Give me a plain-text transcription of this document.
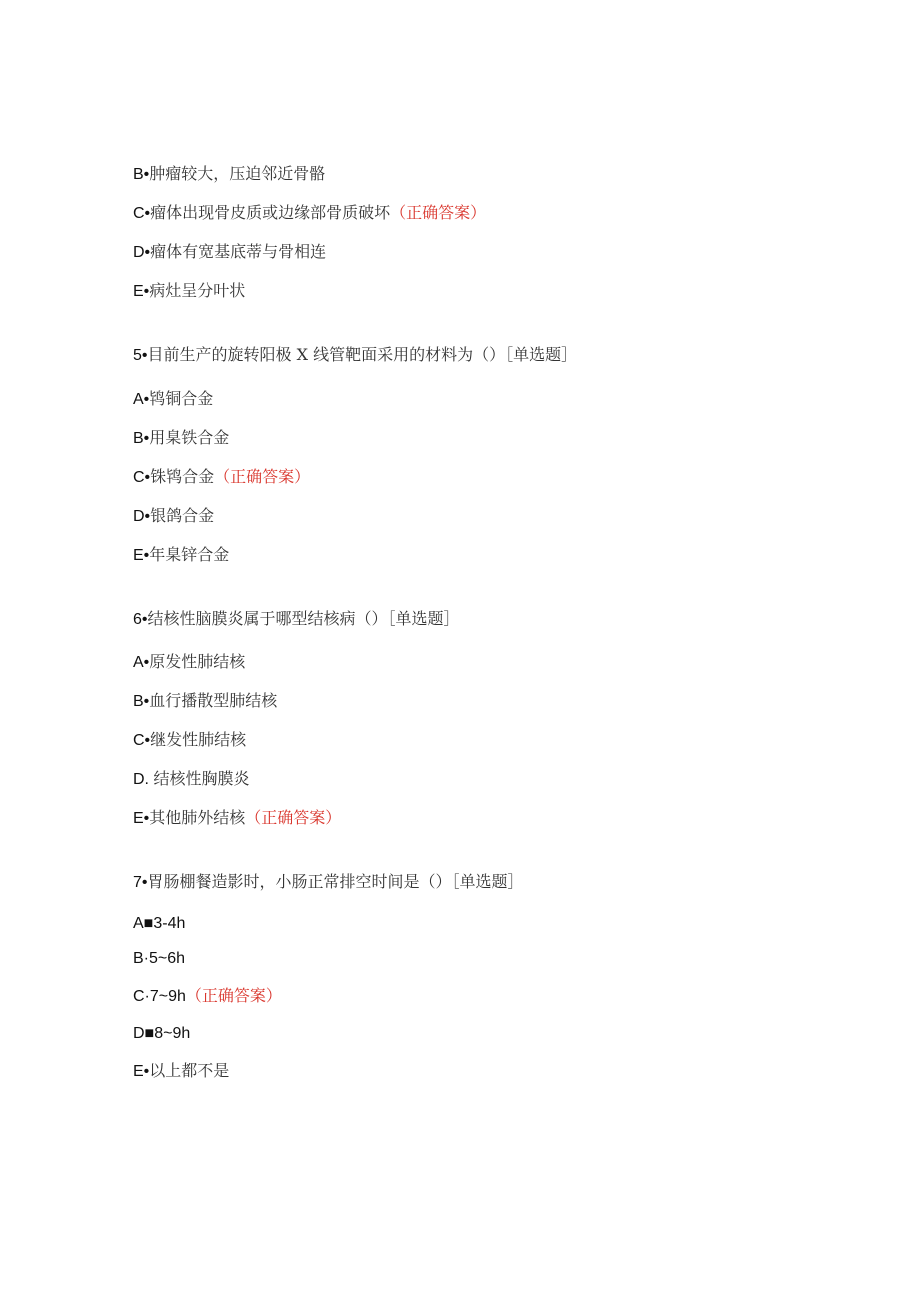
B•肿瘤较大，压迫邻近骨骼
C•瘤体出现骨皮质或边缘部骨质破坏（正确答案）
D•瘤体有宽基底蒂与骨相连
E•病灶呈分叶状
5•目前生产的旋转阳极 X 线管靶面采用的材料为（）［单选题］
A•鸨铜合金
B•用臬铁合金
C•铢鸨合金（正确答案）
D•银鸽合金
E•年臬锌合金
6•结核性脑膜炎属于哪型结核病（）［单选题］
A•原发性肺结核
B•血行播散型肺结核
C•继发性肺结核
D. 结核性胸膜炎
E•其他肺外结核（正确答案）
7•胃肠棚餐造影时，小肠正常排空时间是（）［单选题］
A■3-4h
B·5~6h
C·7~9h（正确答案）
D■8~9h
E•以上都不是
